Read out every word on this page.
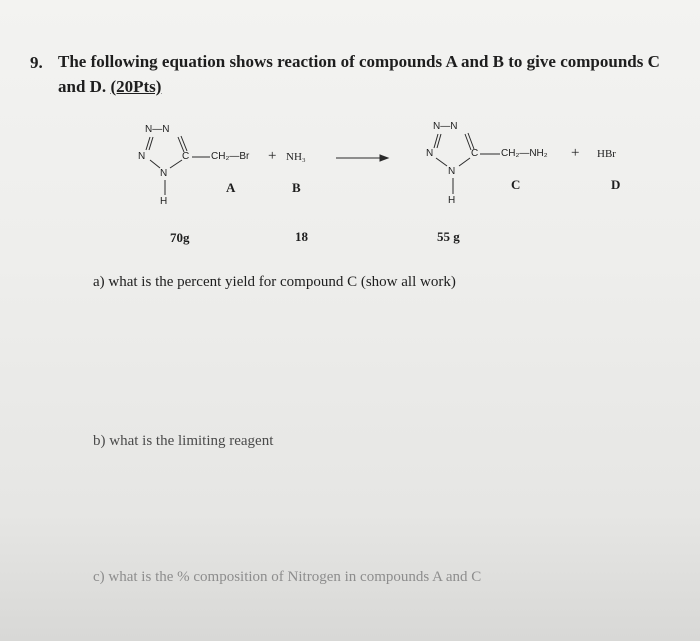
9. The following equation shows reaction of compounds A and B to give compounds C
and D. (20Pts)
N—N
N	C
N
H
CH₂—Br + NH₃
N—N
N	C
N
H
CH₂—NH₂ + HBr
A	B	C	D
70g	18	55 g
a) what is the percent yield for compound C (show all work)
b) what is the limiting reagent
c) what is the % composition of Nitrogen in compounds A and C
